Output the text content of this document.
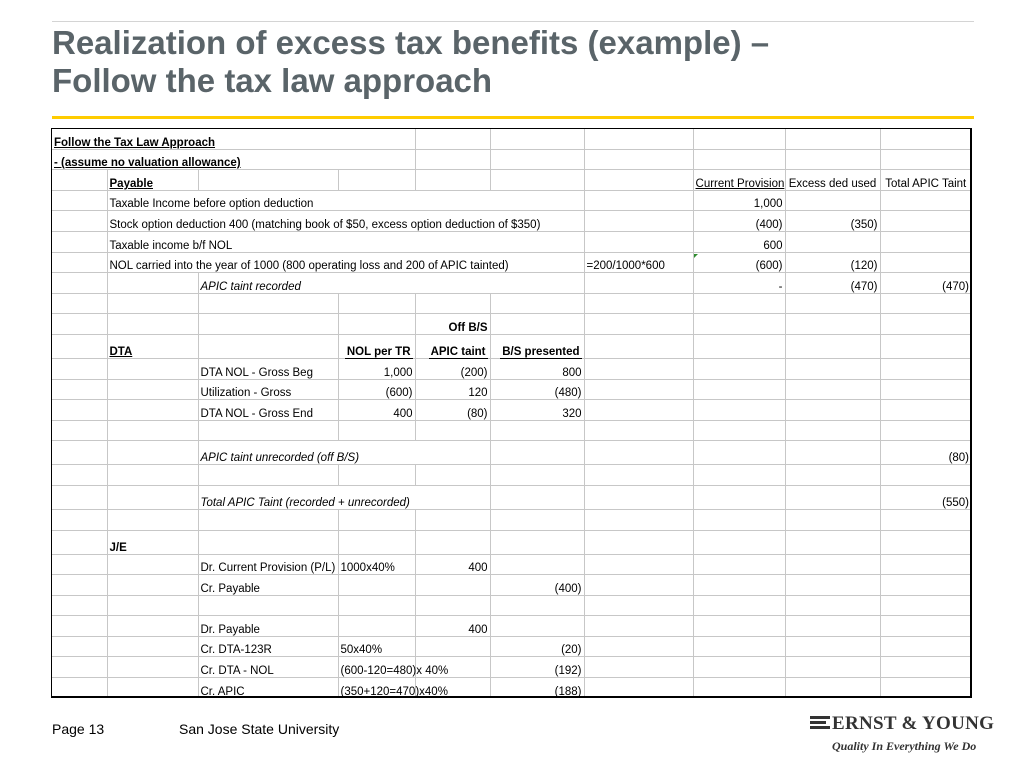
Realization of excess tax benefits (example) –
Follow the tax law approach
Follow the Tax Law Approach									
- (assume no valuation allowance)									
	Payable						Current Provision	Excess ded used	Total APIC Taint
	Taxable Income before option deduction						1,000		
	Stock option deduction 400 (matching book of $50, excess option deduction of $350)						(400)	(350)	
	Taxable income b/f NOL						600		
	NOL carried into the year of 1000 (800 operating loss and 200 of APIC tainted)					=200/1000*600	(600)	(120)	
		APIC taint recorded					-	(470)	(470)

				Off B/S					
	DTA		NOL per TR	APIC taint	B/S presented				
		DTA NOL - Gross Beg	1,000	(200)	800				
		Utilization - Gross	(600)	120	(480)				
		DTA NOL - Gross End	400	(80)	320				

		APIC taint unrecorded (off B/S)							(80)

		Total APIC Taint (recorded + unrecorded)							(550)

	J/E								
		Dr. Current Provision (P/L)	1000x40%	400					
		Cr. Payable			(400)				

		Dr. Payable		400					
		Cr. DTA-123R	50x40%		(20)				
		Cr. DTA - NOL	(600-120=480)x 40%		(192)				
		Cr. APIC	(350+120=470)x40%		(188)				
Page 13	San Jose State University	ERNST & YOUNG
Quality In Everything We Do
